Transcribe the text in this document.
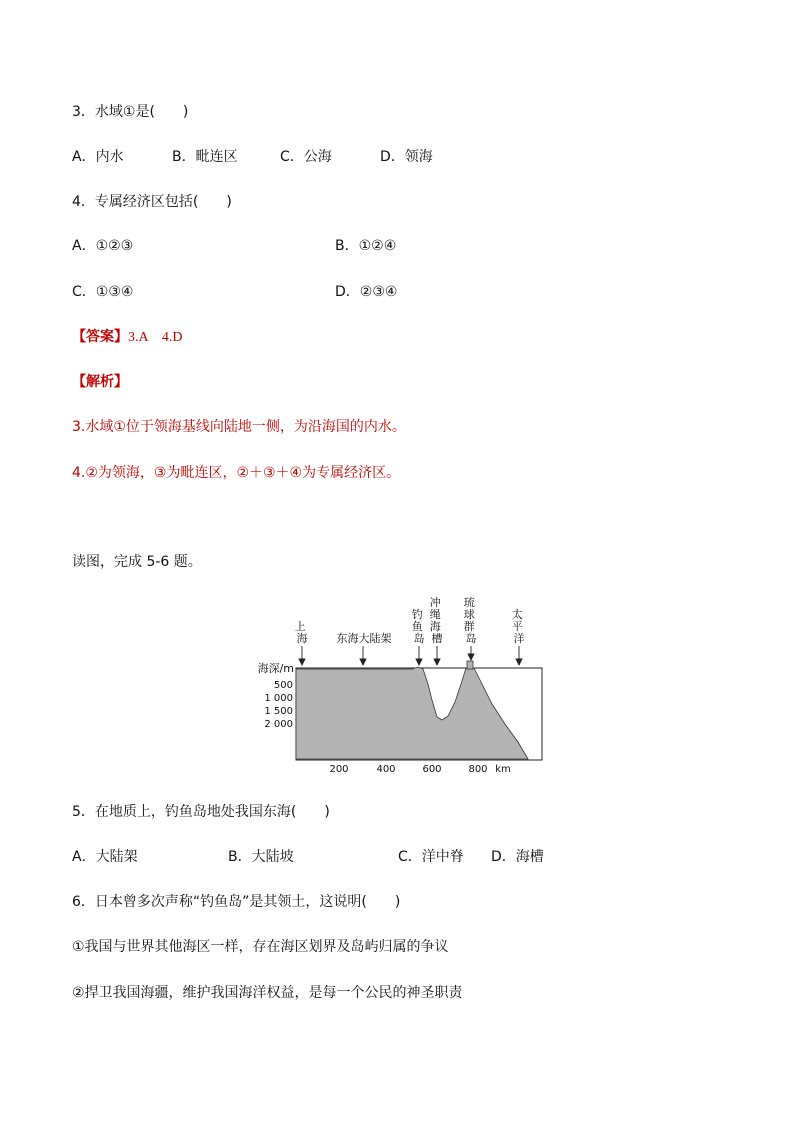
3．水域①是(　　)
A．内水	B．毗连区	C．公海	D．领海
4．专属经济区包括(　　)
A．①②③	B．①②④
C．①③④	D．②③④
【答案】3.A　4.D
【解析】
3.水域①位于领海基线向陆地一侧，为沿海国的内水。
4.②为领海，③为毗连区，②＋③＋④为专属经济区。
读图，完成 5-6 题。
上 海	东海大陆架
钓 鱼 岛
冲 绳 海 槽
琉 球 群 岛
太 平 洋
海深/m
500
1 000
1 500
2 000
200	400	600	800 km
5．在地质上，钓鱼岛地处我国东海(　　)
A．大陆架	B．大陆坡	C．洋中脊 D．海槽
6．日本曾多次声称“钓鱼岛”是其领土，这说明(　　)
①我国与世界其他海区一样，存在海区划界及岛屿归属的争议
②捍卫我国海疆，维护我国海洋权益，是每一个公民的神圣职责
